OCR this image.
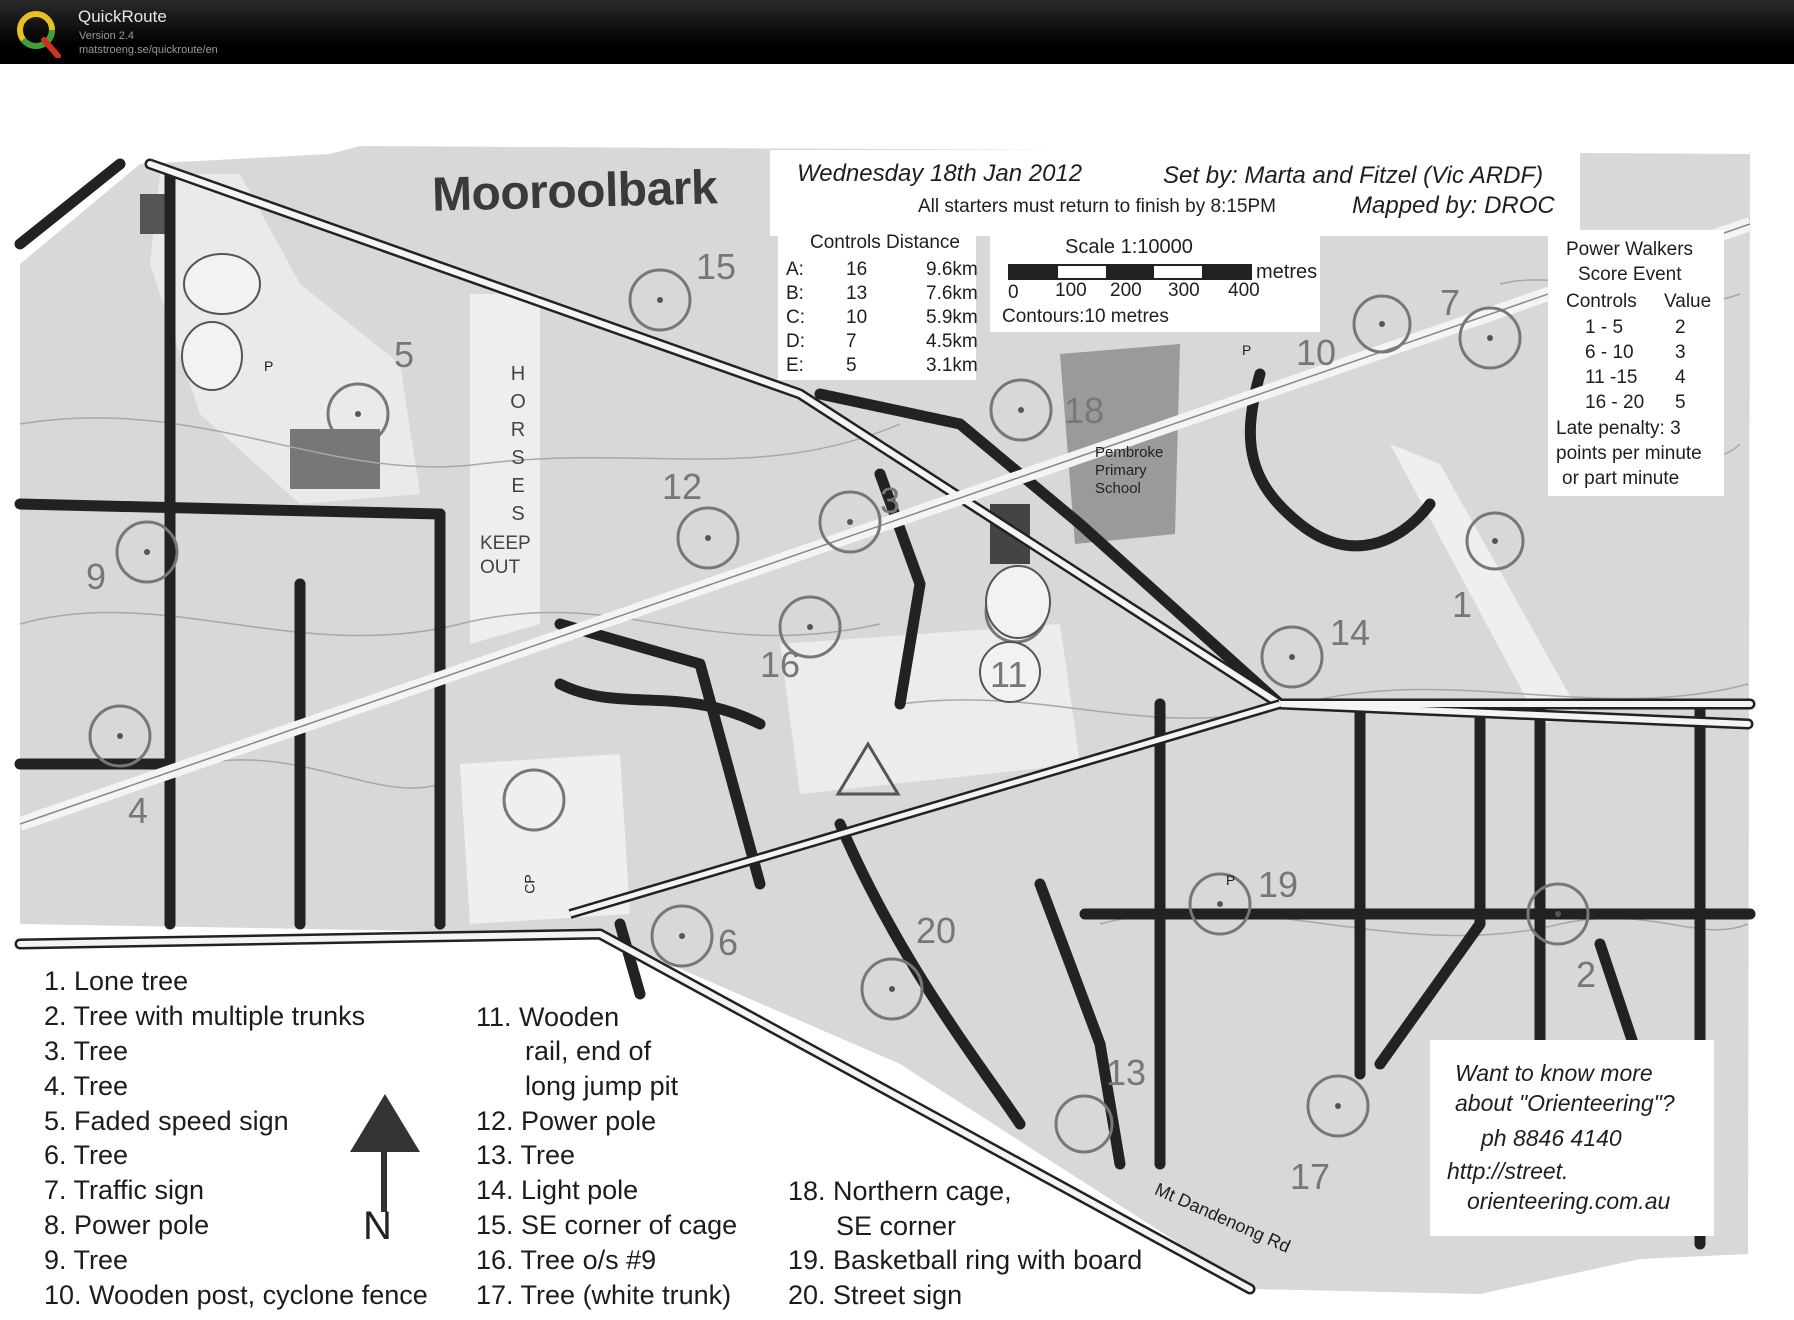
QuickRoute
Version 2.4
matstroeng.se/quickroute/en
Mooroolbark	Wednesday 18th Jan 2012	Set by: Marta and Fitzel (Vic ARDF)
All starters must return to finish by 8:15PM	Mapped by: DROC
Controls Distance
A:	16	9.6km
B:	13	7.6km
C:	10	5.9km
D:	7	4.5km
E:	5	3.1km
Scale 1:10000
metres
0 100 200 300 400
Contours:10 metres
Power Walkers
Score Event
Controls Value
1 - 5	2
6 - 10	3
11 -15	4
16 - 20	5
Late penalty: 3
points per minute
or part minute
Want to know more
about "Orienteering"?
ph 8846 4140
http://street.
orienteering.com.au
Mt Dandenong Rd
Pembroke
Primary
School
H
O
R
S
E
S
KEEP
OUT
P
P
P
CP
1
2
3
4
5
6
7
9
10
11
12
13
14
15
16
17
18
19
20
1. Lone tree
2. Tree with multiple trunks
3. Tree
4. Tree
5. Faded speed sign
6. Tree
7. Traffic sign
8. Power pole
9. Tree
10. Wooden post, cyclone fence
11. Wooden
rail, end of
long jump pit
12. Power pole
13. Tree
14. Light pole
15. SE corner of cage
16. Tree o/s #9
17. Tree (white trunk)
18. Northern cage,
SE corner
19. Basketball ring with board
20. Street sign
N
